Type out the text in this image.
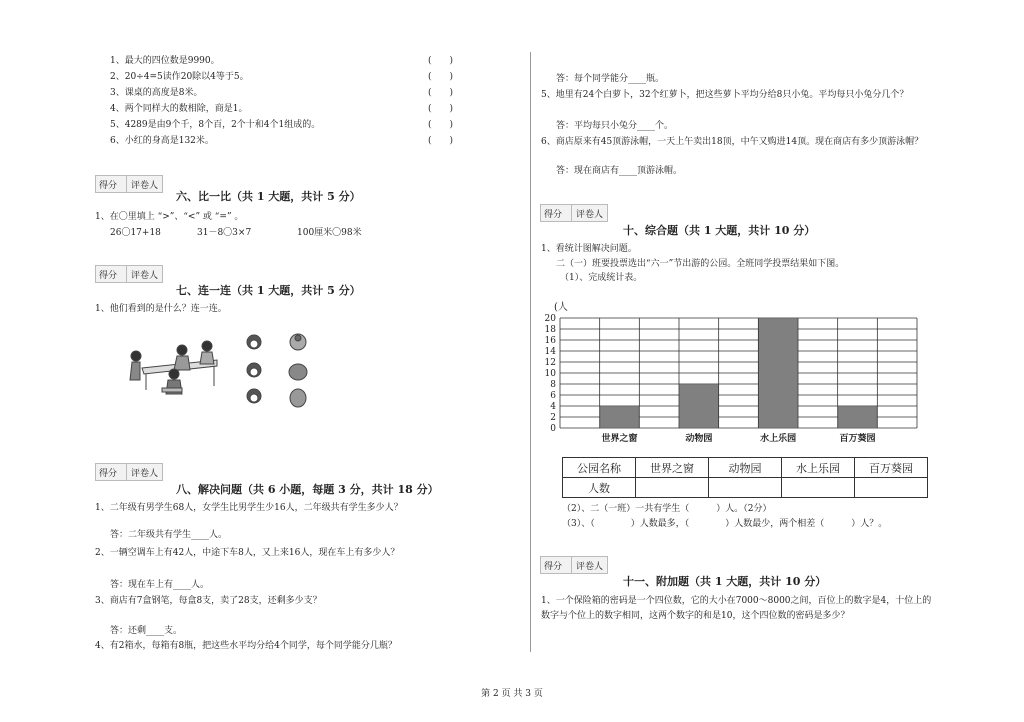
1、最大的四位数是9990。	(　　)
2、20÷4=5读作20除以4等于5。	(　　)
3、课桌的高度是8米。	(　　)
4、两个同样大的数相除，商是1。	(　　)
5、4289是由9个千，8个百，2个十和4个1组成的。	(　　)
6、小红的身高是132米。	(　　)
得分 评卷人
六、比一比（共 1 大题，共计 5 分）
1、在〇里填上 “>”、“<” 或 “=” 。
26〇17+18	31－8〇3×7	100厘米〇98米
得分 评卷人
七、连一连（共 1 大题，共计 5 分）
1、他们看到的是什么？连一连。
得分 评卷人
八、解决问题（共 6 小题，每题 3 分，共计 18 分）
1、二年级有男学生68人，女学生比男学生少16人，二年级共有学生多少人？
答：二年级共有学生____人。
2、一辆空调车上有42人，中途下车8人，又上来16人，现在车上有多少人？
答：现在车上有____人。
3、商店有7盒钢笔，每盒8支，卖了28支，还剩多少支？
答：还剩____支。
4、有2箱水，每箱有8瓶，把这些水平均分给4个同学，每个同学能分几瓶？
答：每个同学能分____瓶。
5、地里有24个白萝卜，32个红萝卜，把这些萝卜平均分给8只小兔。平均每只小兔分几个？
答：平均每只小兔分____个。
6、商店原来有45顶游泳帽，一天上午卖出18顶，中午又购进14顶。现在商店有多少顶游泳帽？
答：现在商店有____顶游泳帽。
得分 评卷人
十、综合题（共 1 大题，共计 10 分）
1、看统计图解决问题。
二（一）班要投票选出“六一”节出游的公园。全班同学投票结果如下图。
（1）、完成统计表。
0
2
4
6
8
10
12
14
16
18
20
(人
世界之窗	动物园	水上乐园	百万葵园
公园名称	世界之窗	动物园	水上乐园	百万葵园
人数				
（2）、二（一班）一共有学生（　　　）人。（2分）
（3）、（　　　　）人数最多，（　　　　）人数最少，两个相差（　　　）人？。
得分 评卷人
十一、附加题（共 1 大题，共计 10 分）
1、一个保险箱的密码是一个四位数，它的大小在7000～8000之间，百位上的数字是4，十位上的
数字与个位上的数字相同，这两个数字的和是10，这个四位数的密码是多少？
第 2 页 共 3 页
